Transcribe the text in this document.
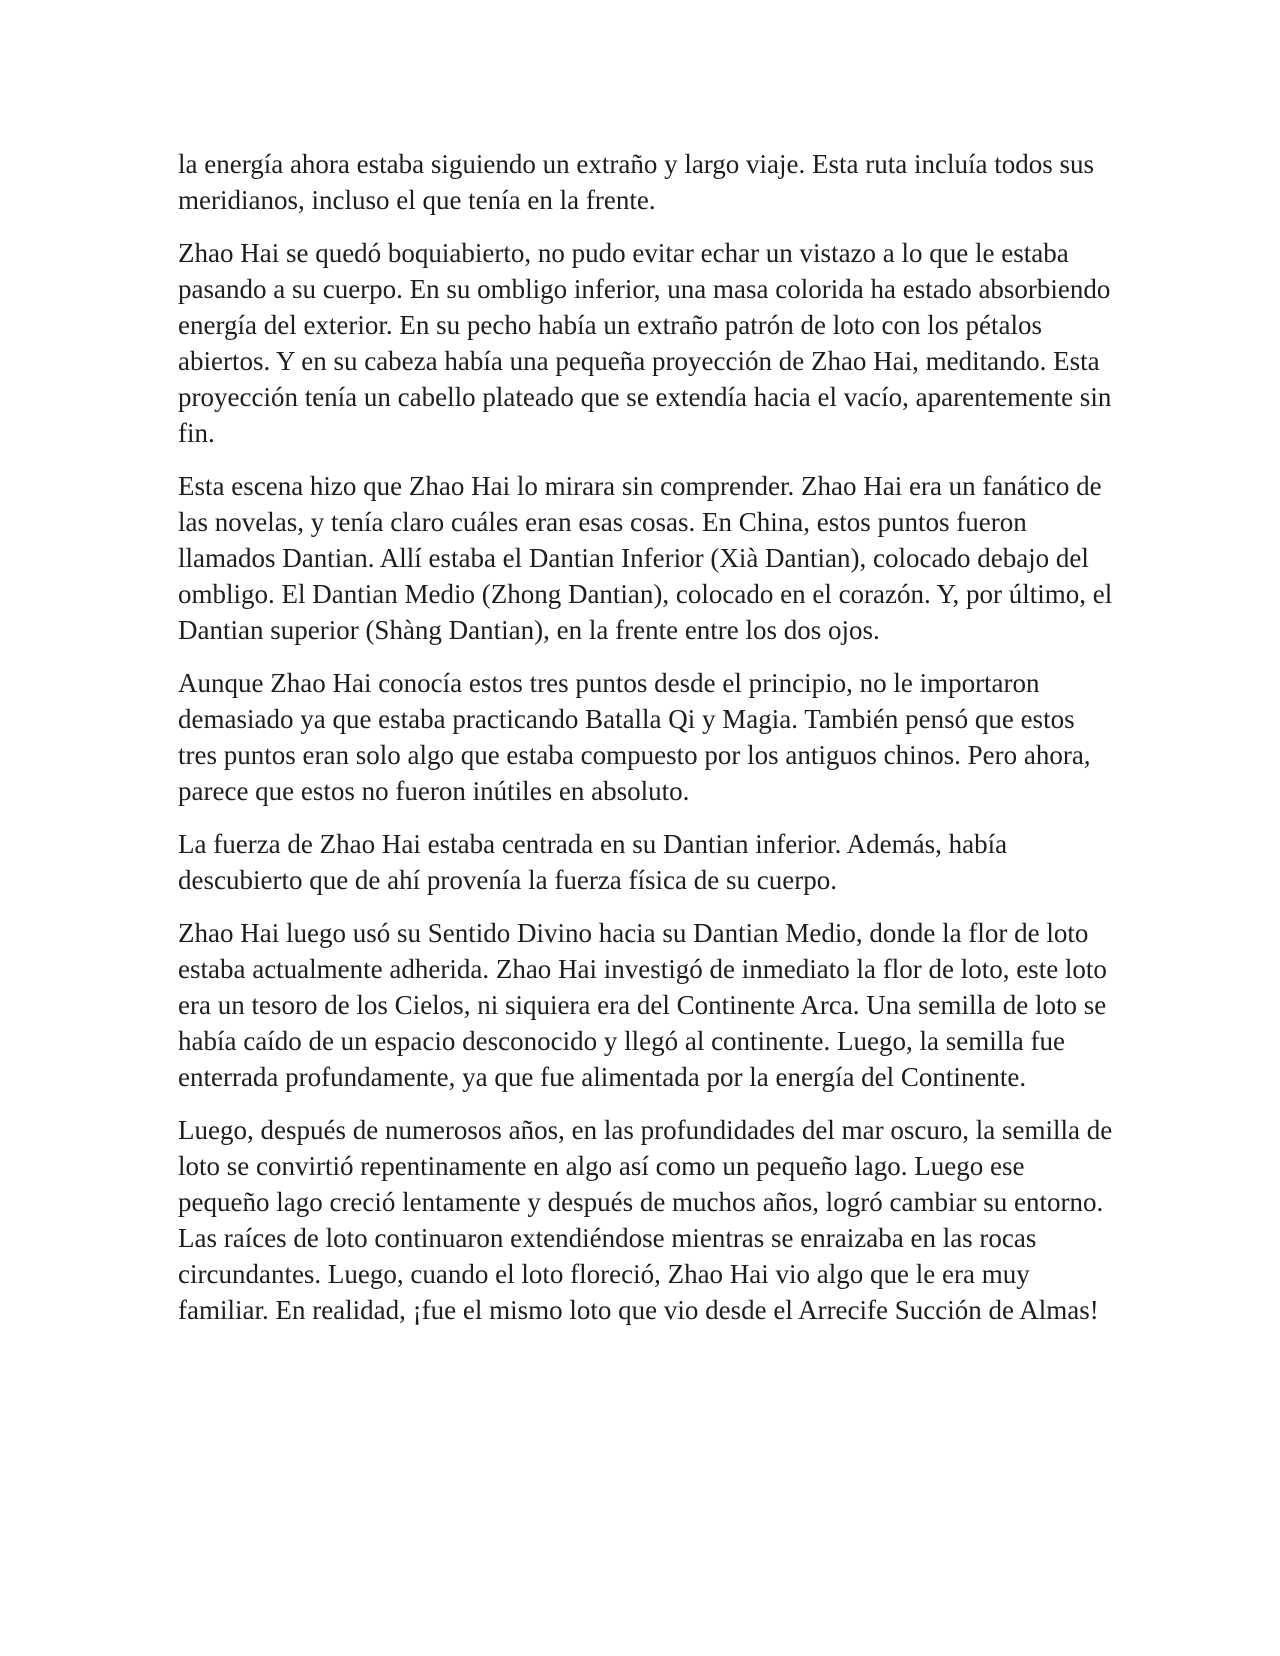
la energía ahora estaba siguiendo un extraño y largo viaje. Esta ruta incluía todos sus meridianos, incluso el que tenía en la frente.

Zhao Hai se quedó boquiabierto, no pudo evitar echar un vistazo a lo que le estaba pasando a su cuerpo. En su ombligo inferior, una masa colorida ha estado absorbiendo energía del exterior. En su pecho había un extraño patrón de loto con los pétalos abiertos. Y en su cabeza había una pequeña proyección de Zhao Hai, meditando. Esta proyección tenía un cabello plateado que se extendía hacia el vacío, aparentemente sin fin.

Esta escena hizo que Zhao Hai lo mirara sin comprender. Zhao Hai era un fanático de las novelas, y tenía claro cuáles eran esas cosas. En China, estos puntos fueron llamados Dantian. Allí estaba el Dantian Inferior (Xià Dantian), colocado debajo del ombligo. El Dantian Medio (Zhong Dantian), colocado en el corazón. Y, por último, el Dantian superior (Shàng Dantian), en la frente entre los dos ojos.

Aunque Zhao Hai conocía estos tres puntos desde el principio, no le importaron demasiado ya que estaba practicando Batalla Qi y Magia. También pensó que estos tres puntos eran solo algo que estaba compuesto por los antiguos chinos. Pero ahora, parece que estos no fueron inútiles en absoluto.

La fuerza de Zhao Hai estaba centrada en su Dantian inferior. Además, había descubierto que de ahí provenía la fuerza física de su cuerpo.

Zhao Hai luego usó su Sentido Divino hacia su Dantian Medio, donde la flor de loto estaba actualmente adherida. Zhao Hai investigó de inmediato la flor de loto, este loto era un tesoro de los Cielos, ni siquiera era del Continente Arca. Una semilla de loto se había caído de un espacio desconocido y llegó al continente. Luego, la semilla fue enterrada profundamente, ya que fue alimentada por la energía del Continente.

Luego, después de numerosos años, en las profundidades del mar oscuro, la semilla de loto se convirtió repentinamente en algo así como un pequeño lago. Luego ese pequeño lago creció lentamente y después de muchos años, logró cambiar su entorno. Las raíces de loto continuaron extendiéndose mientras se enraizaba en las rocas circundantes. Luego, cuando el loto floreció, Zhao Hai vio algo que le era muy familiar. En realidad, ¡fue el mismo loto que vio desde el Arrecife Succión de Almas!
